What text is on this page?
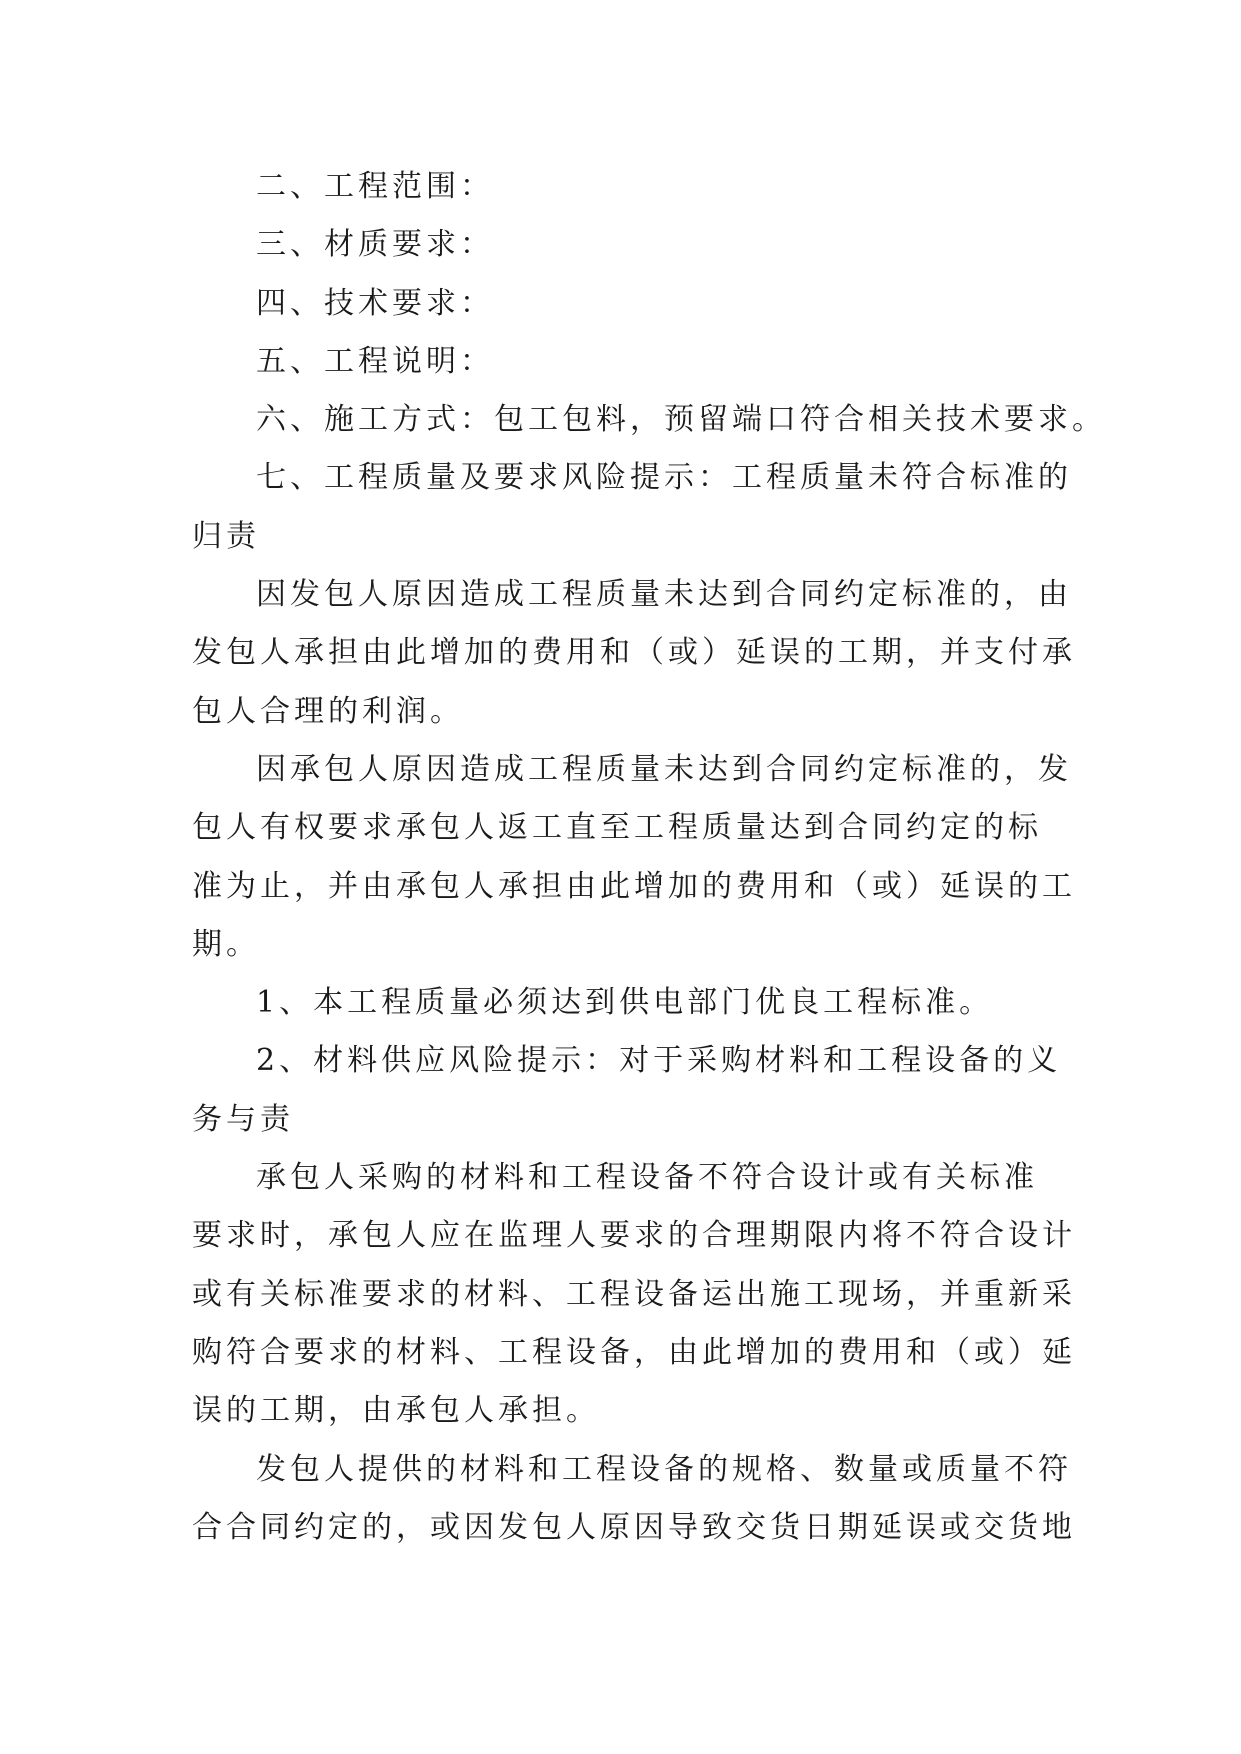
二、工程范围：
三、材质要求：
四、技术要求：
五、工程说明：
六、施工方式：包工包料，预留端口符合相关技术要求。
七、工程质量及要求风险提示：工程质量未符合标准的
归责
因发包人原因造成工程质量未达到合同约定标准的，由
发包人承担由此增加的费用和（或）延误的工期，并支付承
包人合理的利润。
因承包人原因造成工程质量未达到合同约定标准的，发
包人有权要求承包人返工直至工程质量达到合同约定的标
准为止，并由承包人承担由此增加的费用和（或）延误的工
期。
1、本工程质量必须达到供电部门优良工程标准。
2、材料供应风险提示：对于采购材料和工程设备的义
务与责
承包人采购的材料和工程设备不符合设计或有关标准
要求时，承包人应在监理人要求的合理期限内将不符合设计
或有关标准要求的材料、工程设备运出施工现场，并重新采
购符合要求的材料、工程设备，由此增加的费用和（或）延
误的工期，由承包人承担。
发包人提供的材料和工程设备的规格、数量或质量不符
合合同约定的，或因发包人原因导致交货日期延误或交货地
